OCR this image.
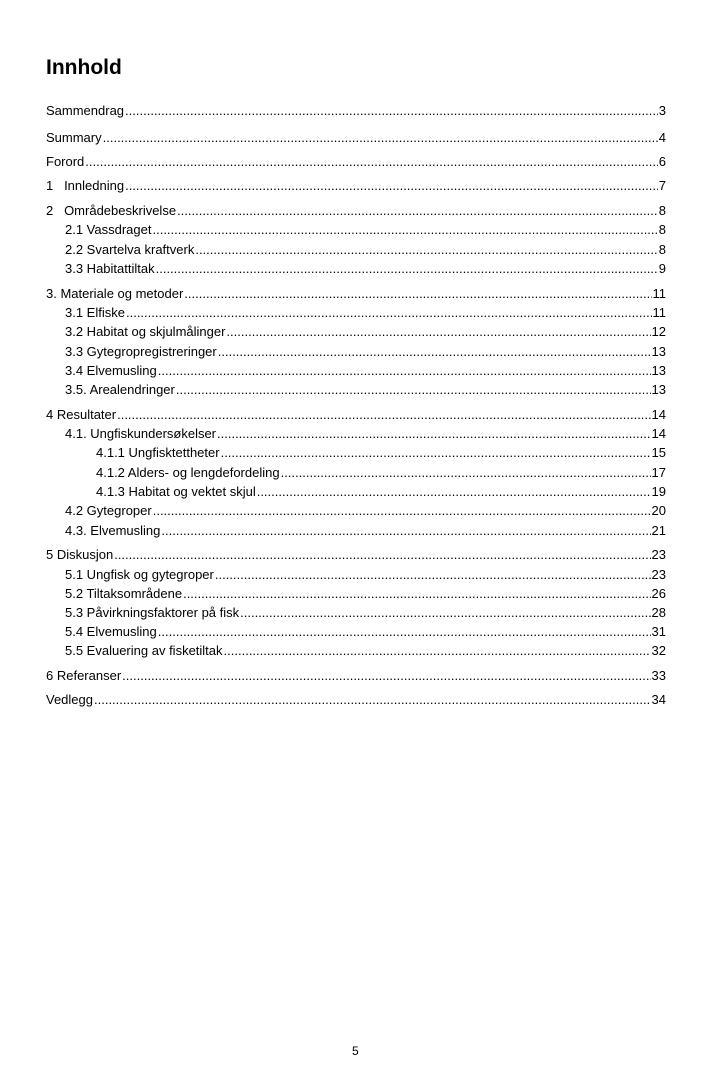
Innhold
Sammendrag .....	3
Summary .....	4
Forord .....	6
1   Innledning .....	7
2   Områdebeskrivelse .....	8
2.1 Vassdraget .....	8
2.2 Svartelva kraftverk .....	8
3.3 Habitattiltak .....	9
3. Materiale og metoder .....	11
3.1 Elfiske .....	11
3.2 Habitat og skjulmålinger .....	12
3.3 Gytegropregistreringer .....	13
3.4 Elvemusling .....	13
3.5. Arealendringer .....	13
4 Resultater .....	14
4.1. Ungfiskundersøkelser .....	14
4.1.1 Ungfisktettheter .....	15
4.1.2 Alders- og lengdefordeling .....	17
4.1.3 Habitat og vektet skjul .....	19
4.2 Gytegroper .....	20
4.3. Elvemusling .....	21
5 Diskusjon .....	23
5.1 Ungfisk og gytegroper .....	23
5.2 Tiltaksområdene .....	26
5.3 Påvirkningsfaktorer på fisk .....	28
5.4 Elvemusling .....	31
5.5 Evaluering av fisketiltak .....	32
6 Referanser .....	33
Vedlegg .....	34
5
